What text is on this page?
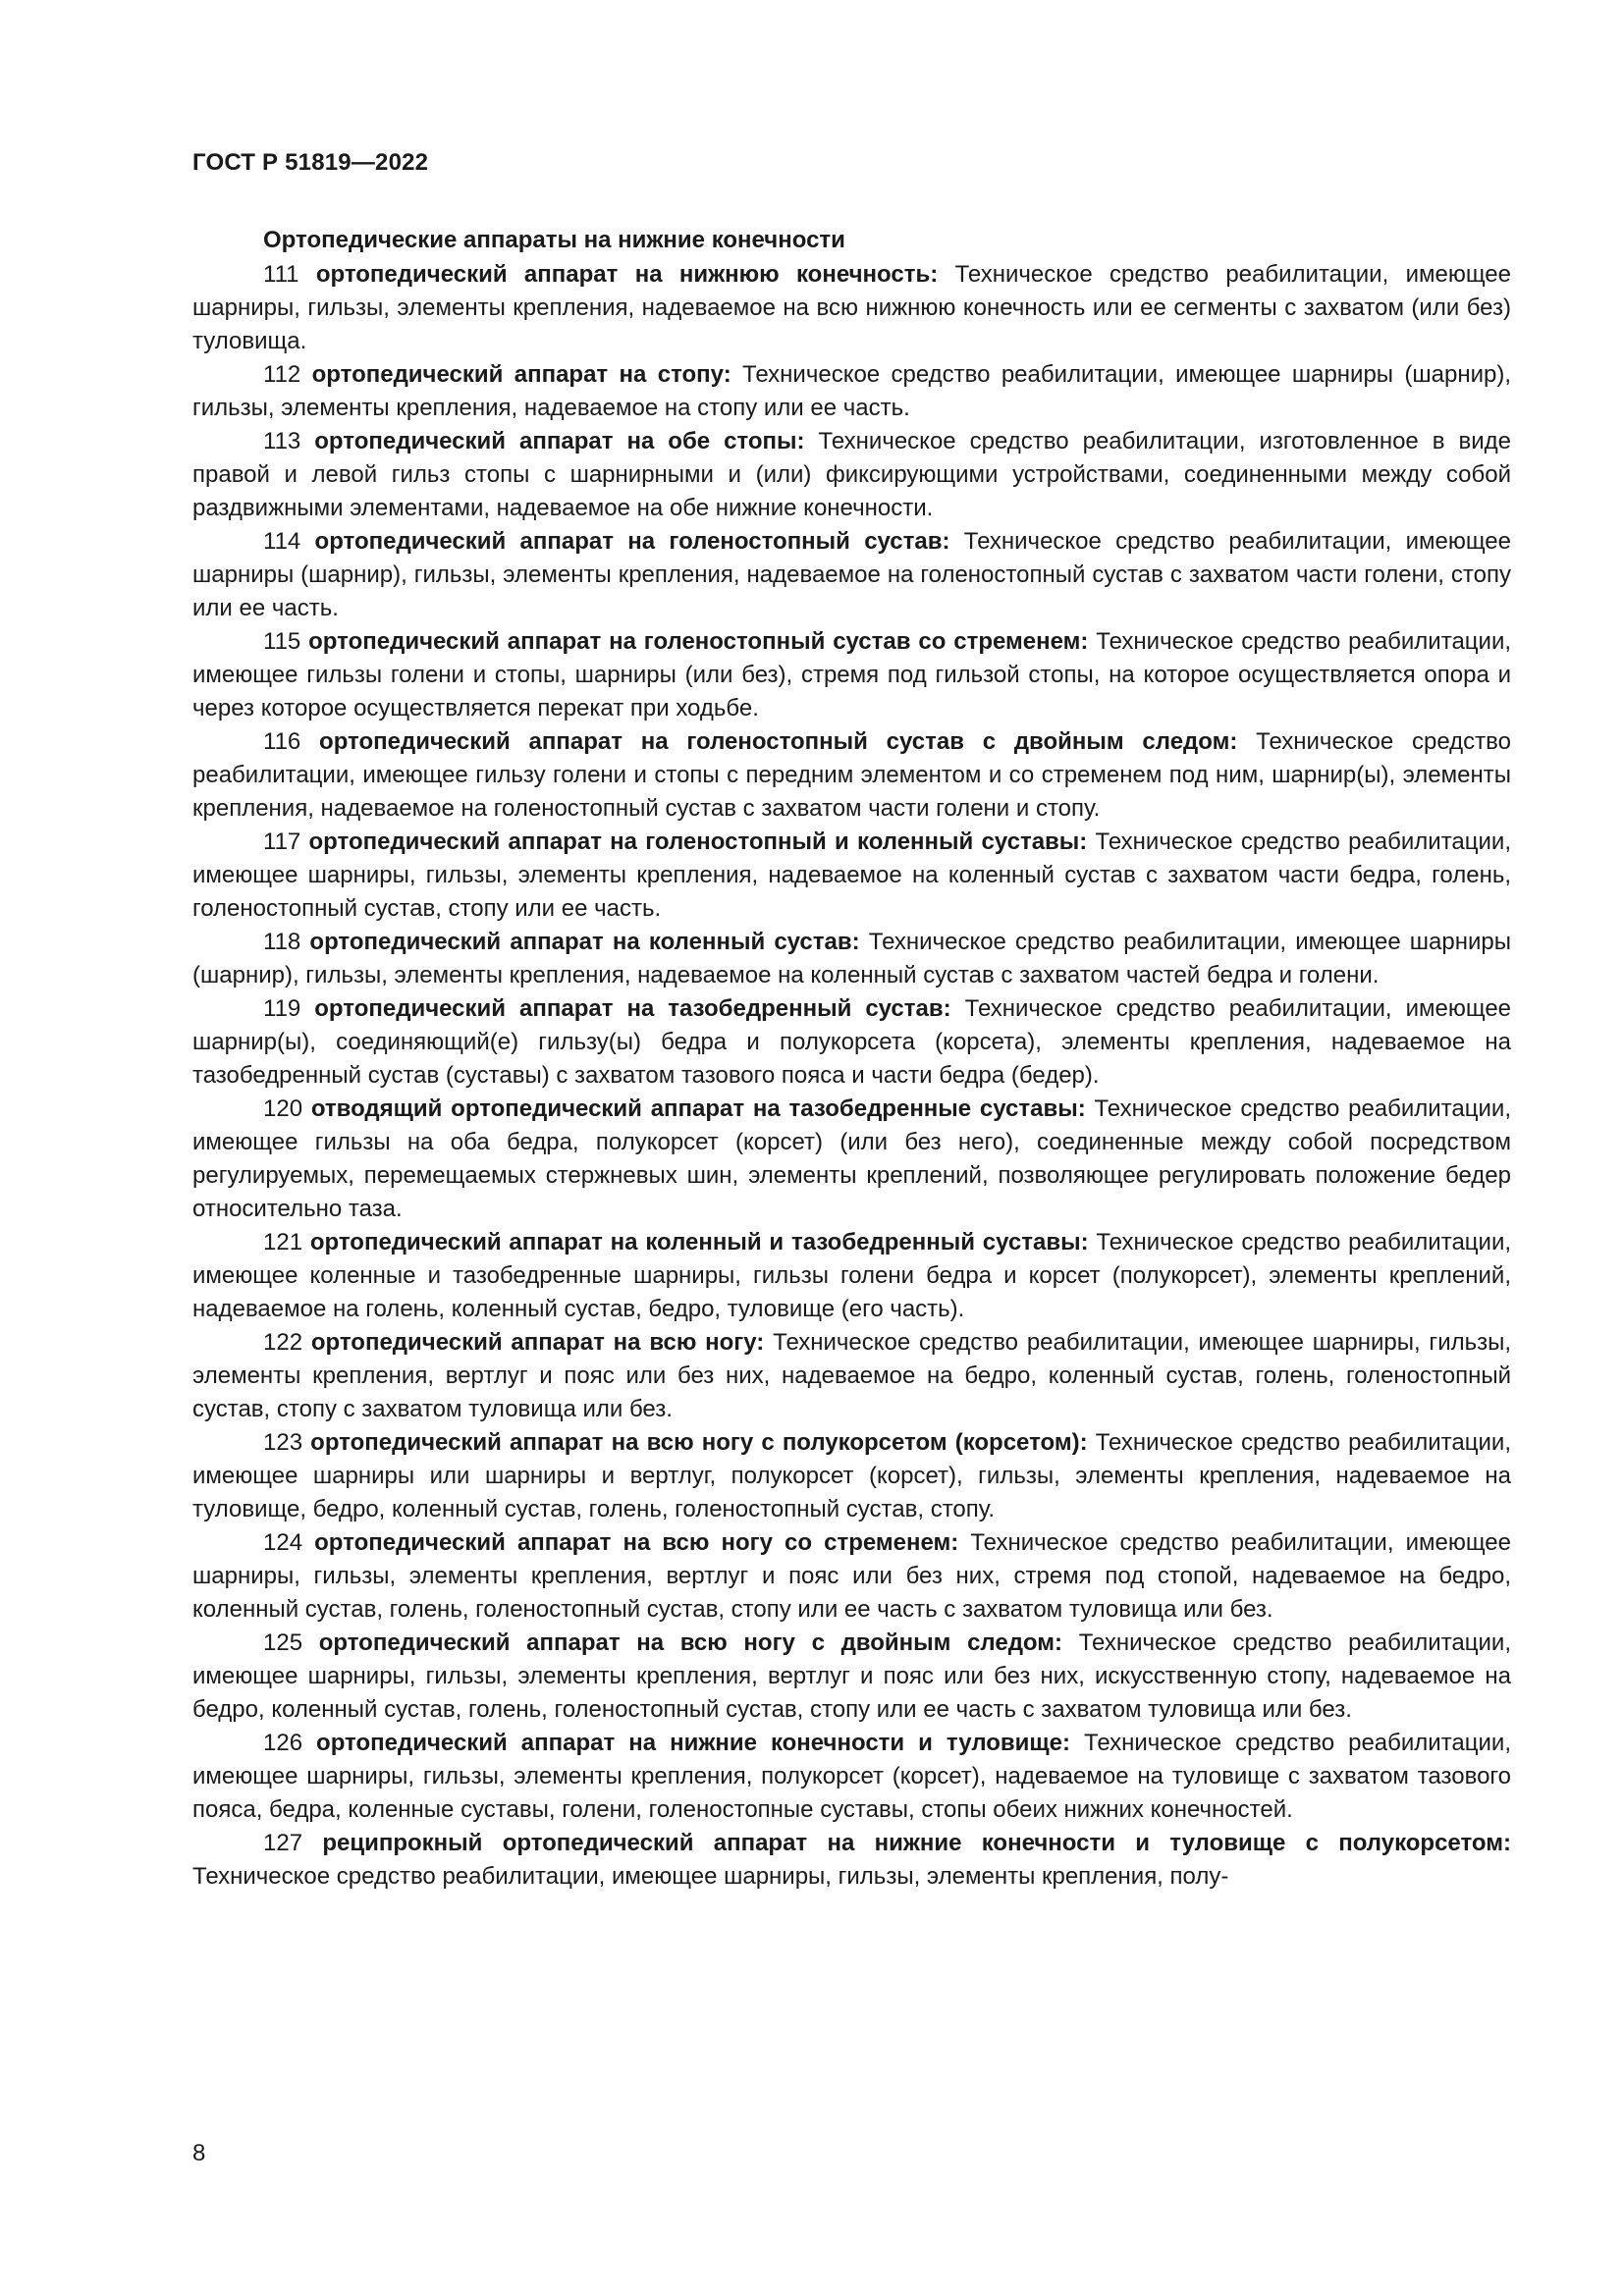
ГОСТ Р 51819—2022
Ортопедические аппараты на нижние конечности

111 ортопедический аппарат на нижнюю конечность: Техническое средство реабилитации, имеющее шарниры, гильзы, элементы крепления, надеваемое на всю нижнюю конечность или ее сегменты с захватом (или без) туловища.

112 ортопедический аппарат на стопу: Техническое средство реабилитации, имеющее шарниры (шарнир), гильзы, элементы крепления, надеваемое на стопу или ее часть.

113 ортопедический аппарат на обе стопы: Техническое средство реабилитации, изготовленное в виде правой и левой гильз стопы с шарнирными и (или) фиксирующими устройствами, соединенными между собой раздвижными элементами, надеваемое на обе нижние конечности.

114 ортопедический аппарат на голеностопный сустав: Техническое средство реабилитации, имеющее шарниры (шарнир), гильзы, элементы крепления, надеваемое на голеностопный сустав с захватом части голени, стопу или ее часть.

115 ортопедический аппарат на голеностопный сустав со стременем: Техническое средство реабилитации, имеющее гильзы голени и стопы, шарниры (или без), стремя под гильзой стопы, на которое осуществляется опора и через которое осуществляется перекат при ходьбе.

116 ортопедический аппарат на голеностопный сустав с двойным следом: Техническое средство реабилитации, имеющее гильзу голени и стопы с передним элементом и со стременем под ним, шарнир(ы), элементы крепления, надеваемое на голеностопный сустав с захватом части голени и стопу.

117 ортопедический аппарат на голеностопный и коленный суставы: Техническое средство реабилитации, имеющее шарниры, гильзы, элементы крепления, надеваемое на коленный сустав с захватом части бедра, голень, голеностопный сустав, стопу или ее часть.

118 ортопедический аппарат на коленный сустав: Техническое средство реабилитации, имеющее шарниры (шарнир), гильзы, элементы крепления, надеваемое на коленный сустав с захватом частей бедра и голени.

119 ортопедический аппарат на тазобедренный сустав: Техническое средство реабилитации, имеющее шарнир(ы), соединяющий(е) гильзу(ы) бедра и полукорсета (корсета), элементы крепления, надеваемое на тазобедренный сустав (суставы) с захватом тазового пояса и части бедра (бедер).

120 отводящий ортопедический аппарат на тазобедренные суставы: Техническое средство реабилитации, имеющее гильзы на оба бедра, полукорсет (корсет) (или без него), соединенные между собой посредством регулируемых, перемещаемых стержневых шин, элементы креплений, позволяющее регулировать положение бедер относительно таза.

121 ортопедический аппарат на коленный и тазобедренный суставы: Техническое средство реабилитации, имеющее коленные и тазобедренные шарниры, гильзы голени бедра и корсет (полукорсет), элементы креплений, надеваемое на голень, коленный сустав, бедро, туловище (его часть).

122 ортопедический аппарат на всю ногу: Техническое средство реабилитации, имеющее шарниры, гильзы, элементы крепления, вертлуг и пояс или без них, надеваемое на бедро, коленный сустав, голень, голеностопный сустав, стопу с захватом туловища или без.

123 ортопедический аппарат на всю ногу с полукорсетом (корсетом): Техническое средство реабилитации, имеющее шарниры или шарниры и вертлуг, полукорсет (корсет), гильзы, элементы крепления, надеваемое на туловище, бедро, коленный сустав, голень, голеностопный сустав, стопу.

124 ортопедический аппарат на всю ногу со стременем: Техническое средство реабилитации, имеющее шарниры, гильзы, элементы крепления, вертлуг и пояс или без них, стремя под стопой, надеваемое на бедро, коленный сустав, голень, голеностопный сустав, стопу или ее часть с захватом туловища или без.

125 ортопедический аппарат на всю ногу с двойным следом: Техническое средство реабилитации, имеющее шарниры, гильзы, элементы крепления, вертлуг и пояс или без них, искусственную стопу, надеваемое на бедро, коленный сустав, голень, голеностопный сустав, стопу или ее часть с захватом туловища или без.

126 ортопедический аппарат на нижние конечности и туловище: Техническое средство реабилитации, имеющее шарниры, гильзы, элементы крепления, полукорсет (корсет), надеваемое на туловище с захватом тазового пояса, бедра, коленные суставы, голени, голеностопные суставы, стопы обеих нижних конечностей.

127 реципрокный ортопедический аппарат на нижние конечности и туловище с полукорсетом: Техническое средство реабилитации, имеющее шарниры, гильзы, элементы крепления, полу-

8
